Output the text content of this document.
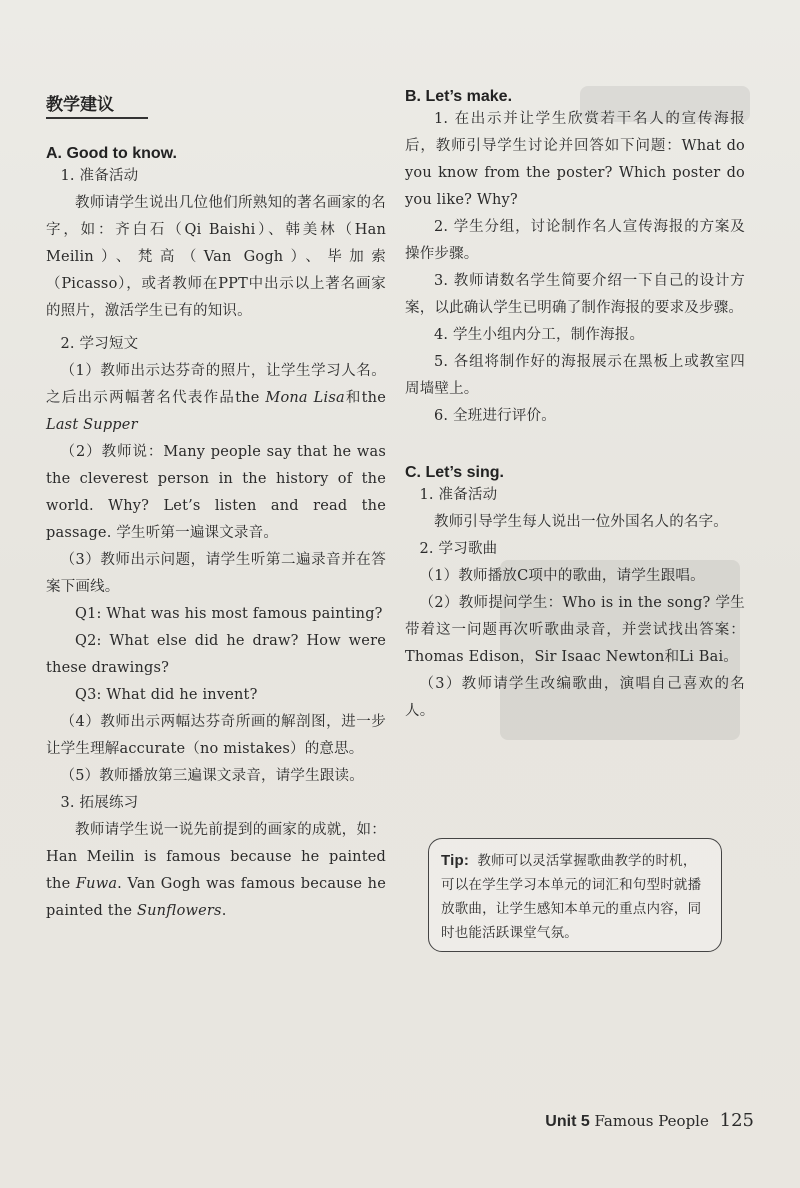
教学建议
A. Good to know.

1. 准备活动

教师请学生说出几位他们所熟知的著名画家的名字，如：齐白石（Qi Baishi）、韩美林（Han Meilin）、梵高（Van Gogh）、毕加索（Picasso），或者教师在PPT中出示以上著名画家的照片，激活学生已有的知识。

2. 学习短文

（1）教师出示达芬奇的照片，让学生学习人名。之后出示两幅著名代表作品the Mona Lisa和the Last Supper

（2）教师说：Many people say that he was the cleverest person in the history of the world. Why? Let’s listen and read the passage. 学生听第一遍课文录音。

（3）教师出示问题，请学生听第二遍录音并在答案下画线。

Q1: What was his most famous painting?

Q2: What else did he draw? How were these drawings?

Q3: What did he invent?

（4）教师出示两幅达芬奇所画的解剖图，进一步让学生理解accurate（no mistakes）的意思。

（5）教师播放第三遍课文录音，请学生跟读。

3. 拓展练习

教师请学生说一说先前提到的画家的成就，如：Han Meilin is famous because he painted the Fuwa. Van Gogh was famous because he painted the Sunflowers.

B. Let’s make.

1. 在出示并让学生欣赏若干名人的宣传海报后，教师引导学生讨论并回答如下问题：What do you know from the poster? Which poster do you like? Why?

2. 学生分组，讨论制作名人宣传海报的方案及操作步骤。

3. 教师请数名学生简要介绍一下自己的设计方案，以此确认学生已明确了制作海报的要求及步骤。

4. 学生小组内分工，制作海报。

5. 各组将制作好的海报展示在黑板上或教室四周墙壁上。

6. 全班进行评价。

C. Let’s sing.

1. 准备活动

教师引导学生每人说出一位外国名人的名字。

2. 学习歌曲

（1）教师播放C项中的歌曲，请学生跟唱。

（2）教师提问学生：Who is in the song? 学生带着这一问题再次听歌曲录音，并尝试找出答案：Thomas Edison，Sir Isaac Newton和Li Bai。

（3）教师请学生改编歌曲，演唱自己喜欢的名人。

Tip: 教师可以灵活掌握歌曲教学的时机，可以在学生学习本单元的词汇和句型时就播放歌曲，让学生感知本单元的重点内容，同时也能活跃课堂气氛。

Unit 5 Famous People 125
